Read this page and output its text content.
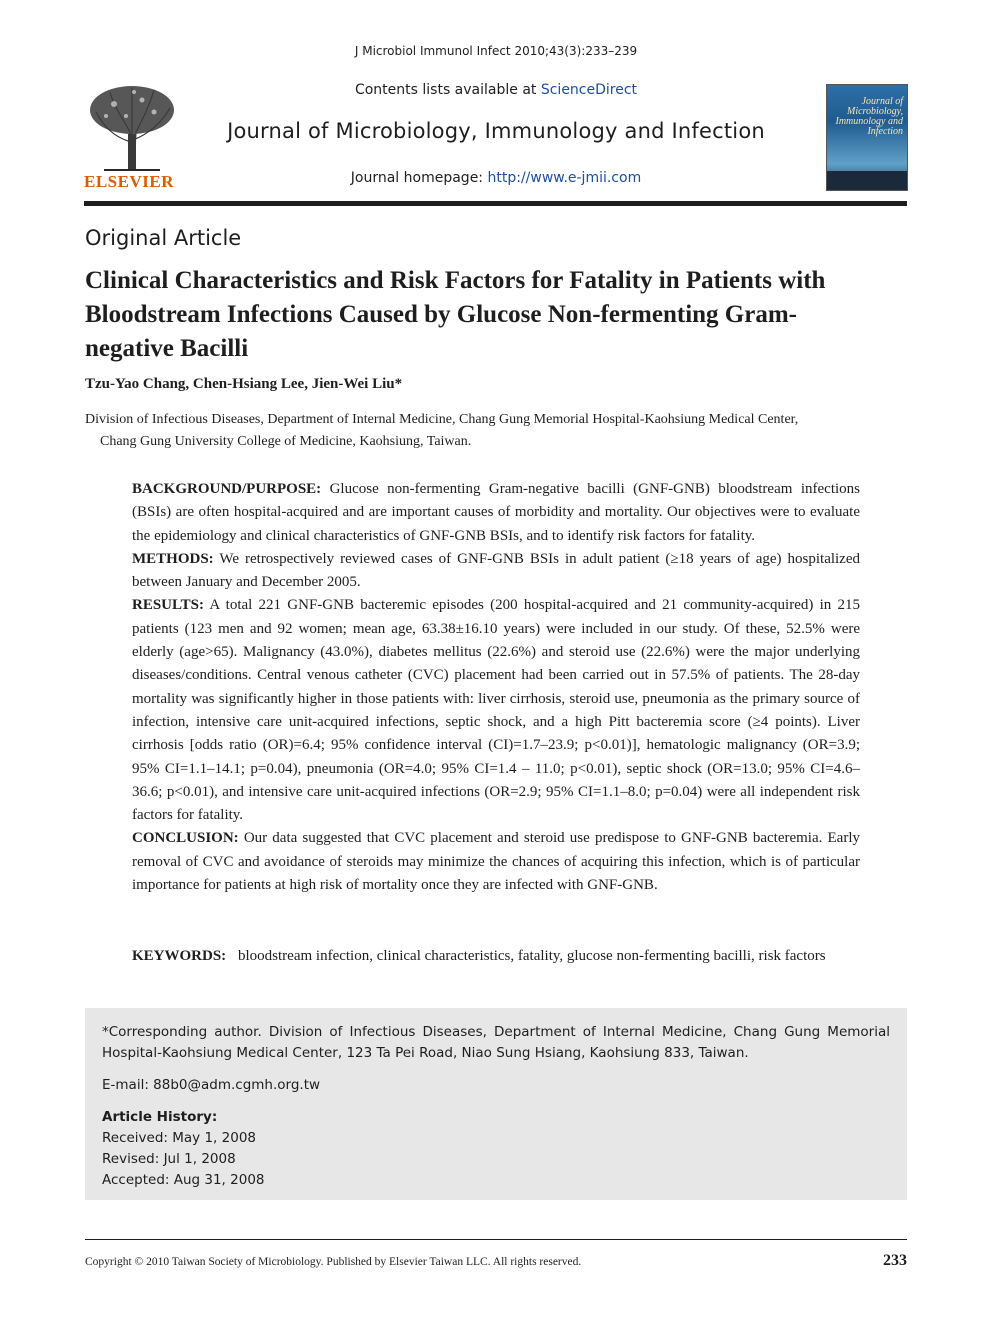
J Microbiol Immunol Infect 2010;43(3):233–239
ELSEVIER
Contents lists available at ScienceDirect
Journal of Microbiology, Immunology and Infection
Journal homepage: http://www.e-jmii.com
Journal of Microbiology, Immunology and Infection
Original Article
Clinical Characteristics and Risk Factors for Fatality in Patients with Bloodstream Infections Caused by Glucose Non-fermenting Gram-negative Bacilli
Tzu-Yao Chang, Chen-Hsiang Lee, Jien-Wei Liu*
Division of Infectious Diseases, Department of Internal Medicine, Chang Gung Memorial Hospital-Kaohsiung Medical Center,
Chang Gung University College of Medicine, Kaohsiung, Taiwan.

BACKGROUND/PURPOSE: Glucose non-fermenting Gram-negative bacilli (GNF-GNB) bloodstream infections (BSIs) are often hospital-acquired and are important causes of morbidity and mortality. Our objectives were to evaluate the epidemiology and clinical characteristics of GNF-GNB BSIs, and to identify risk factors for fatality.

METHODS: We retrospectively reviewed cases of GNF-GNB BSIs in adult patient (≥18 years of age) hospitalized between January and December 2005.

RESULTS: A total 221 GNF-GNB bacteremic episodes (200 hospital-acquired and 21 community-acquired) in 215 patients (123 men and 92 women; mean age, 63.38±16.10 years) were included in our study. Of these, 52.5% were elderly (age>65). Malignancy (43.0%), diabetes mellitus (22.6%) and steroid use (22.6%) were the major underlying diseases/conditions. Central venous catheter (CVC) placement had been carried out in 57.5% of patients. The 28-day mortality was significantly higher in those patients with: liver cirrhosis, steroid use, pneumonia as the primary source of infection, intensive care unit-acquired infections, septic shock, and a high Pitt bacteremia score (≥4 points). Liver cirrhosis [odds ratio (OR)=6.4; 95% confidence interval (CI)=1.7–23.9; p<0.01)], hematologic malignancy (OR=3.9; 95% CI=1.1–14.1; p=0.04), pneumonia (OR=4.0; 95% CI=1.4 – 11.0; p<0.01), septic shock (OR=13.0; 95% CI=4.6–36.6; p<0.01), and intensive care unit-acquired infections (OR=2.9; 95% CI=1.1–8.0; p=0.04) were all independent risk factors for fatality.

CONCLUSION: Our data suggested that CVC placement and steroid use predispose to GNF-GNB bacteremia. Early removal of CVC and avoidance of steroids may minimize the chances of acquiring this infection, which is of particular importance for patients at high risk of mortality once they are infected with GNF-GNB.

KEYWORDS: bloodstream infection, clinical characteristics, fatality, glucose non-fermenting bacilli, risk factors

*Corresponding author. Division of Infectious Diseases, Department of Internal Medicine, Chang Gung Memorial Hospital-Kaohsiung Medical Center, 123 Ta Pei Road, Niao Sung Hsiang, Kaohsiung 833, Taiwan.

E-mail: 88b0@adm.cgmh.org.tw

Article History:

Received: May 1, 2008

Revised: Jul 1, 2008

Accepted: Aug 31, 2008

Copyright © 2010 Taiwan Society of Microbiology. Published by Elsevier Taiwan LLC. All rights reserved.	233
